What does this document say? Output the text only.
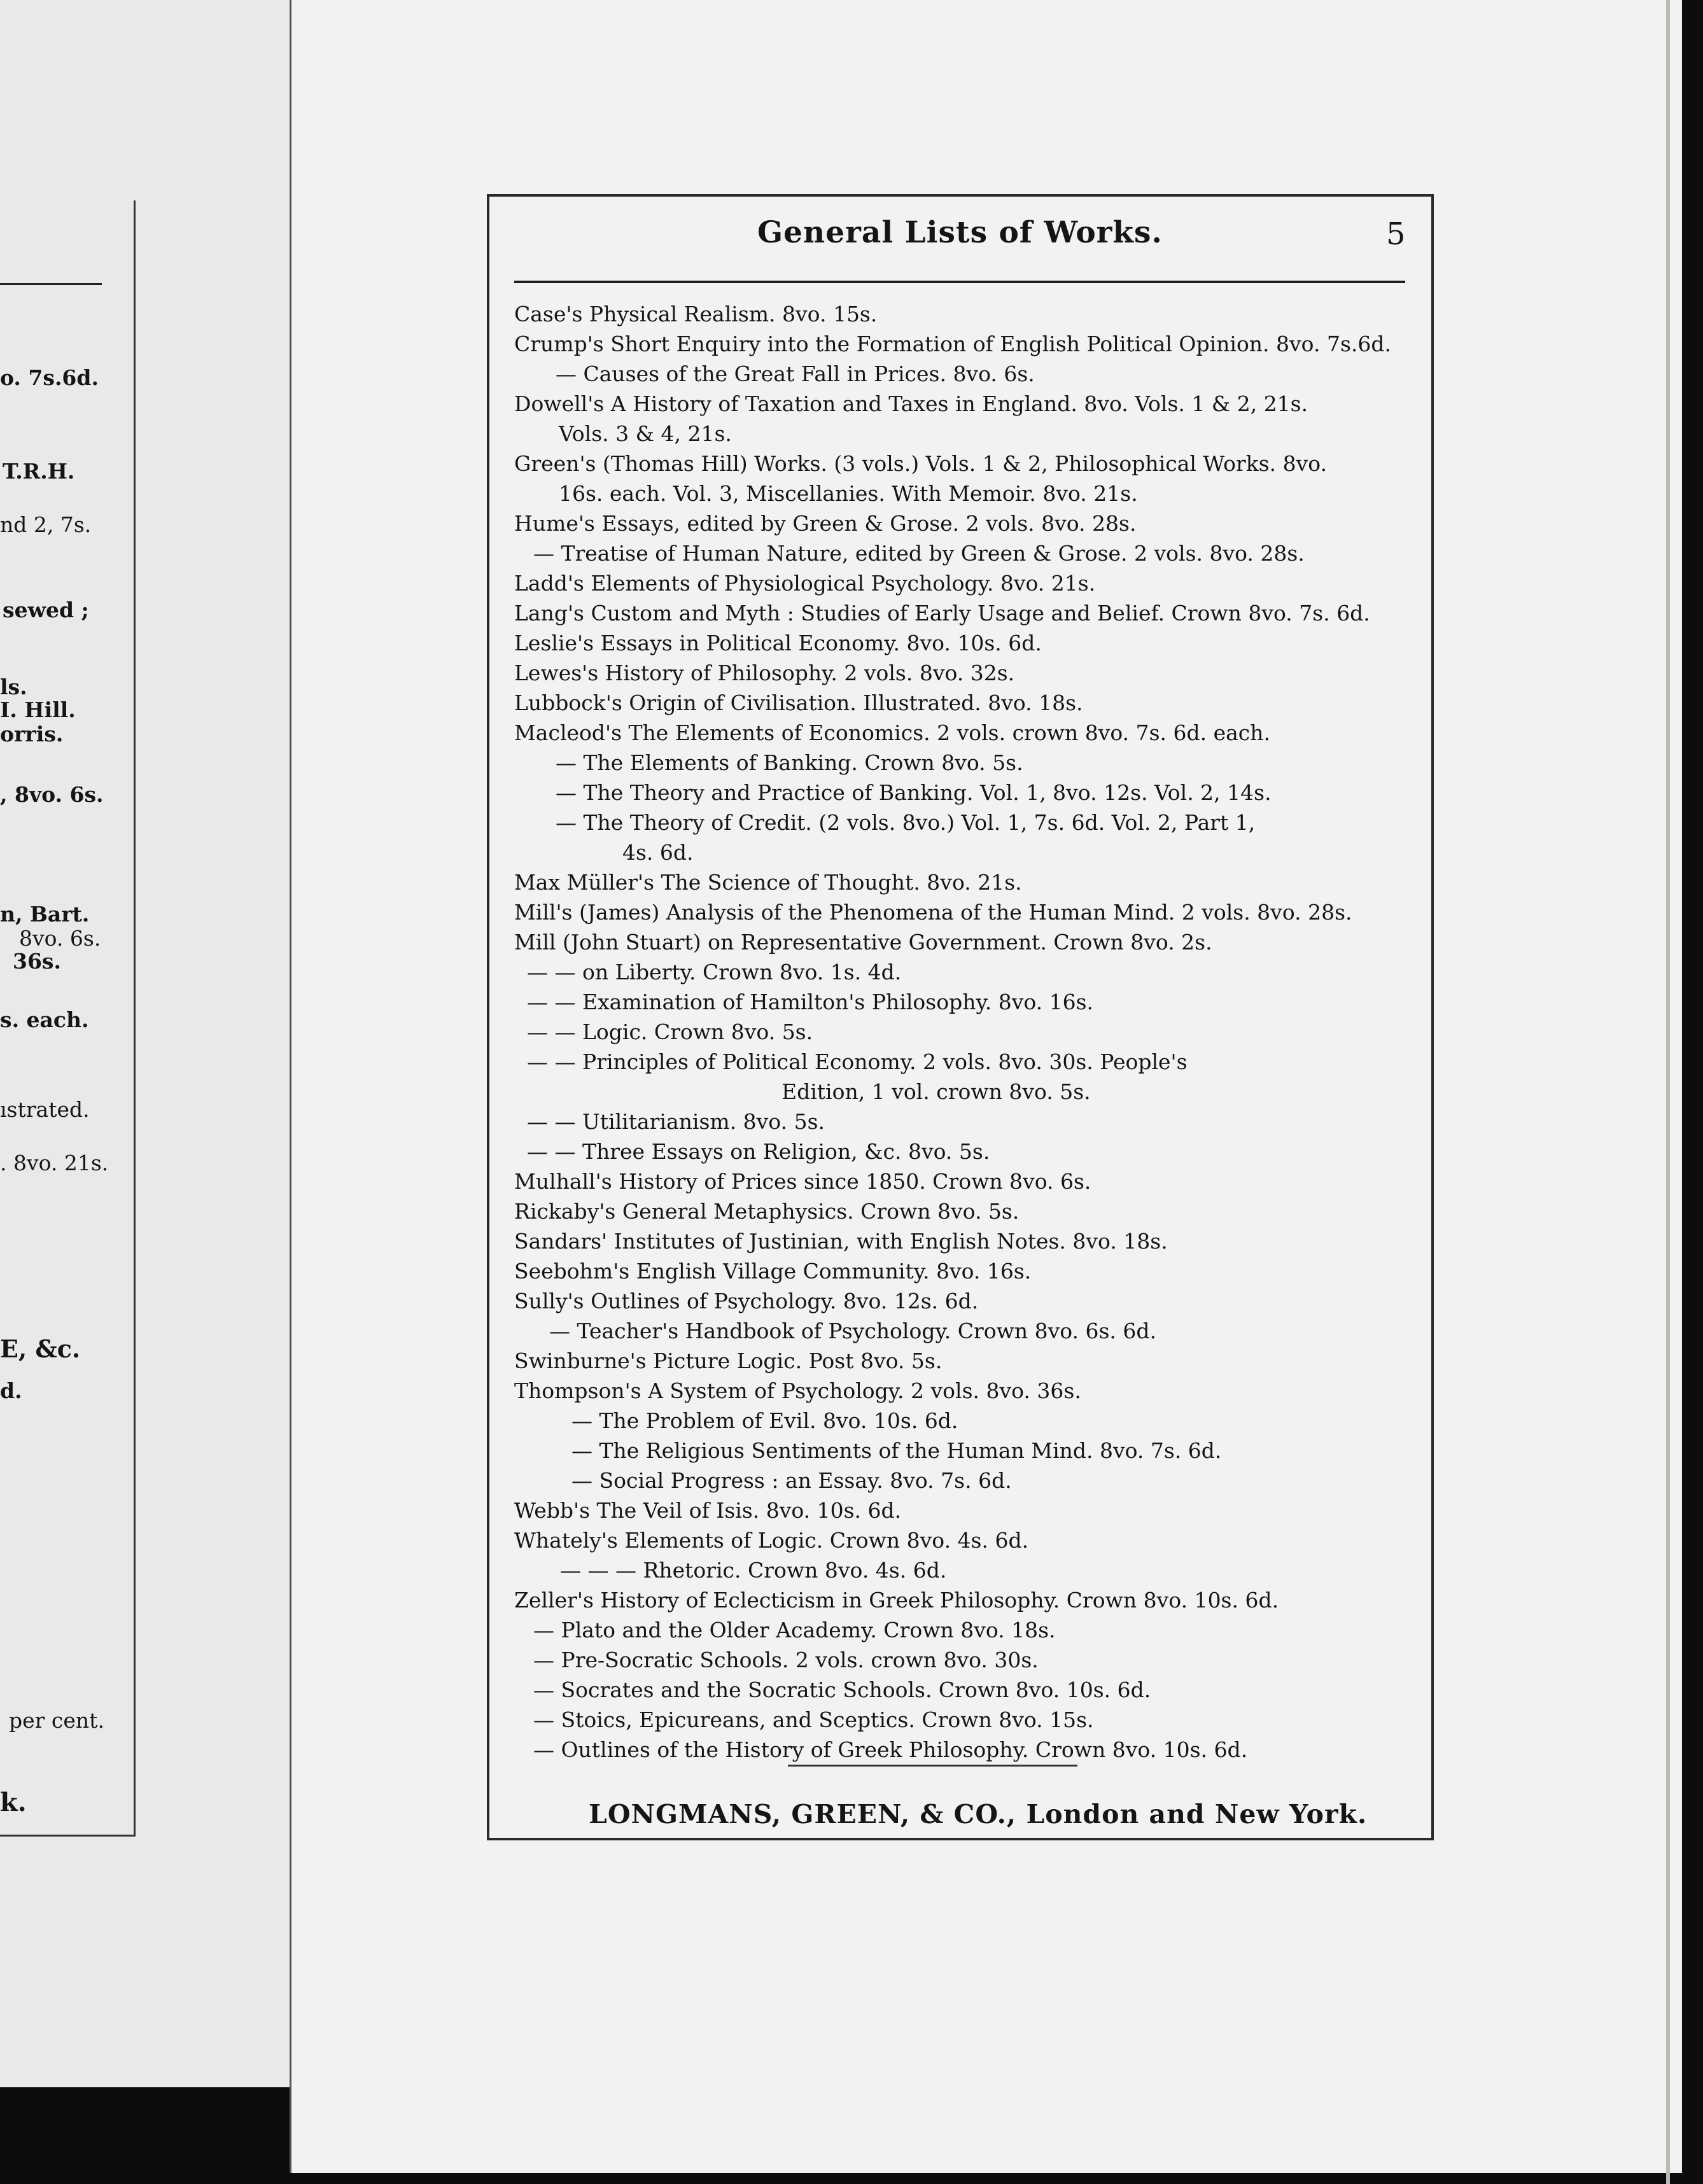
o. 7s.6d.
T.R.H.
nd 2, 7s.
sewed ;
ls.
I. Hill.
orris.
, 8vo. 6s.
n, Bart.
8vo. 6s.
36s.
s. each.
ıstrated.
. 8vo. 21s.
E, &c.
d.
per cent.
k.
General Lists of Works.	5
Case's Physical Realism. 8vo. 15s.
Crump's Short Enquiry into the Formation of English Political Opinion. 8vo. 7s.6d.
— Causes of the Great Fall in Prices. 8vo. 6s.
Dowell's A History of Taxation and Taxes in England. 8vo. Vols. 1 & 2, 21s.
Vols. 3 & 4, 21s.
Green's (Thomas Hill) Works. (3 vols.) Vols. 1 & 2, Philosophical Works. 8vo.
16s. each. Vol. 3, Miscellanies. With Memoir. 8vo. 21s.
Hume's Essays, edited by Green & Grose. 2 vols. 8vo. 28s.
— Treatise of Human Nature, edited by Green & Grose. 2 vols. 8vo. 28s.
Ladd's Elements of Physiological Psychology. 8vo. 21s.
Lang's Custom and Myth : Studies of Early Usage and Belief. Crown 8vo. 7s. 6d.
Leslie's Essays in Political Economy. 8vo. 10s. 6d.
Lewes's History of Philosophy. 2 vols. 8vo. 32s.
Lubbock's Origin of Civilisation. Illustrated. 8vo. 18s.
Macleod's The Elements of Economics. 2 vols. crown 8vo. 7s. 6d. each.
— The Elements of Banking. Crown 8vo. 5s.
— The Theory and Practice of Banking. Vol. 1, 8vo. 12s. Vol. 2, 14s.
— The Theory of Credit. (2 vols. 8vo.) Vol. 1, 7s. 6d. Vol. 2, Part 1,
4s. 6d.
Max Müller's The Science of Thought. 8vo. 21s.
Mill's (James) Analysis of the Phenomena of the Human Mind. 2 vols. 8vo. 28s.
Mill (John Stuart) on Representative Government. Crown 8vo. 2s.
— — on Liberty. Crown 8vo. 1s. 4d.
— — Examination of Hamilton's Philosophy. 8vo. 16s.
— — Logic. Crown 8vo. 5s.
— — Principles of Political Economy. 2 vols. 8vo. 30s. People's
Edition, 1 vol. crown 8vo. 5s.
— — Utilitarianism. 8vo. 5s.
— — Three Essays on Religion, &c. 8vo. 5s.
Mulhall's History of Prices since 1850. Crown 8vo. 6s.
Rickaby's General Metaphysics. Crown 8vo. 5s.
Sandars' Institutes of Justinian, with English Notes. 8vo. 18s.
Seebohm's English Village Community. 8vo. 16s.
Sully's Outlines of Psychology. 8vo. 12s. 6d.
— Teacher's Handbook of Psychology. Crown 8vo. 6s. 6d.
Swinburne's Picture Logic. Post 8vo. 5s.
Thompson's A System of Psychology. 2 vols. 8vo. 36s.
— The Problem of Evil. 8vo. 10s. 6d.
— The Religious Sentiments of the Human Mind. 8vo. 7s. 6d.
— Social Progress : an Essay. 8vo. 7s. 6d.
Webb's The Veil of Isis. 8vo. 10s. 6d.
Whately's Elements of Logic. Crown 8vo. 4s. 6d.
— — — Rhetoric. Crown 8vo. 4s. 6d.
Zeller's History of Eclecticism in Greek Philosophy. Crown 8vo. 10s. 6d.
— Plato and the Older Academy. Crown 8vo. 18s.
— Pre-Socratic Schools. 2 vols. crown 8vo. 30s.
— Socrates and the Socratic Schools. Crown 8vo. 10s. 6d.
— Stoics, Epicureans, and Sceptics. Crown 8vo. 15s.
— Outlines of the History of Greek Philosophy. Crown 8vo. 10s. 6d.
LONGMANS, GREEN, & CO., London and New York.
